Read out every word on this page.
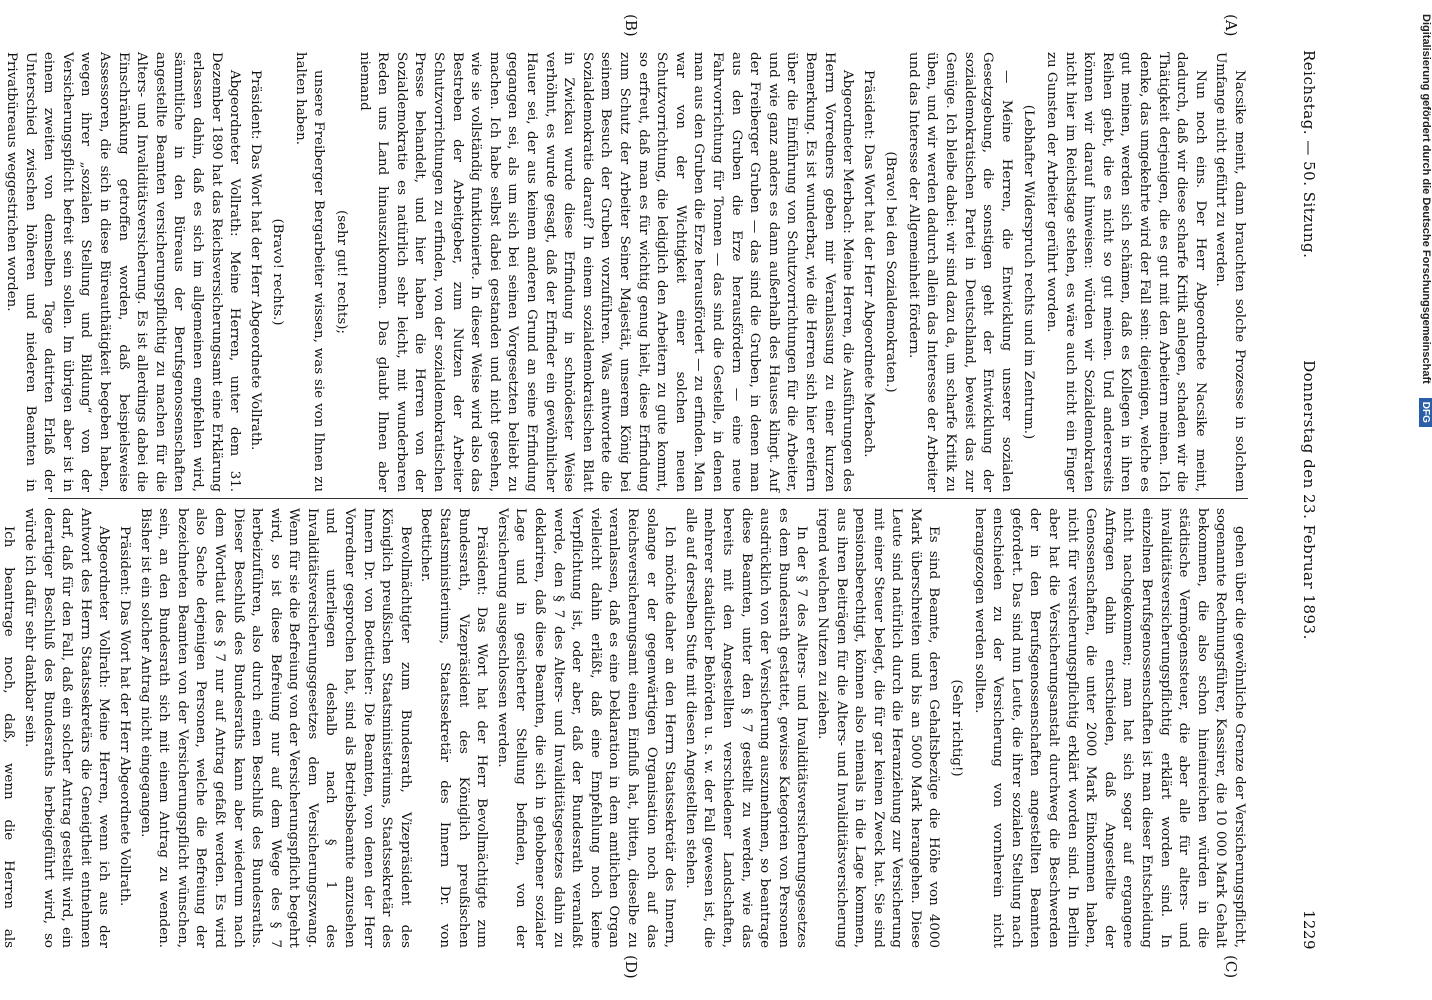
Reichstag. — 50. Sitzung.
Donnerstag den 23. Februar 1893.
1229
(A)
(B)
(C)
(D)

Nacsike meint, dann brauchten solche Prozesse in solchem Umfange nicht geführt zu werden.

Nun noch eins. Der Herr Abgeordnete Nacsike meint, dadurch, daß wir diese scharfe Kritik anlegen, schaden wir die Thätigkeit derjenigen, die es gut mit den Arbeitern meinen. Ich denke, das umgekehrte wird der Fall sein: diejenigen, welche es gut meinen, werden sich schämen, daß es Kollegen in ihren Reihen giebt, die es nicht so gut meinen. Und andererseits können wir darauf hinweisen: würden wir Sozialdemokraten nicht hier im Reichstage stehen, es wäre auch nicht ein Finger zu Gunsten der Arbeiter gerührt worden.

(Lebhafter Widerspruch rechts und im Zentrum.)

— Meine Herren, die Entwicklung unserer sozialen Gesetzgebung, die sonstigen geht der Entwicklung der sozialdemokratischen Partei in Deutschland, beweist das zur Genüge. Ich bleibe dabei: wir sind dazu da, um scharfe Kritik zu üben, und wir werden dadurch allein das Interesse der Arbeiter und das Interesse der Allgemeinheit fördern.

(Bravo! bei den Sozialdemokraten.)

Präsident: Das Wort hat der Herr Abgeordnete Merbach.

Abgeordneter Merbach: Meine Herren, die Ausführungen des Herrn Vorredners geben mir Veranlassung zu einer kurzen Bemerkung. Es ist wunderbar, wie die Herren sich hier ereifern über die Einführung von Schutzvorrichtungen für die Arbeiter, und wie ganz anders es dann außerhalb des Hauses klingt. Auf der Freiberger Gruben — das sind die Gruben, in denen man aus den Gruben die Erze herausfördern — eine neue Fahrvorrichtung für Tonnen — das sind die Gestelle, in denen man aus den Gruben die Erze herausfördert — zu erfinden. Man war von der Wichtigkeit einer solchen neuen Schutzvorrichtung, die lediglich den Arbeitern zu gute kommt, so erfreut, daß man es für wichtig genug hielt, diese Erfindung zum Schutz der Arbeiter Seiner Majestät, unserem König bei seinem Besuch der Gruben vorzuführen. Was antwortete die Sozialdemokratie darauf? In einem sozialdemokratischen Blatt in Zwickau wurde diese Erfindung in schnödester Weise verhöhnt, es wurde gesagt, daß der Erfinder ein gewöhnlicher Hauer sei, der aus keinem anderen Grund an seine Erfindung gegangen sei, als um sich bei seinen Vorgesetzten beliebt zu machen. Ich habe selbst dabei gestanden und nicht gesehen, wie sie vollständig funktionierte. In dieser Weise wird also das Bestreben der Arbeitgeber, zum Nutzen der Arbeiter Schutzvorrichtungen zu erfinden, von der sozialdemokratischen Presse behandelt, und hier haben die Herren von der Sozialdemokratie es natürlich sehr leicht, mit wunderbaren Reden uns Land hinauszukommen. Das glaubt Ihnen aber niemand

(sehr gut! rechts);

unsere Freiberger Bergarbeiter wissen, was sie von Ihnen zu halten haben.

(Bravo! rechts.)

Präsident: Das Wort hat der Herr Abgeordnete Vollrath.

Abgeordneter Vollrath: Meine Herren, unter dem 31. Dezember 1890 hat das Reichsversicherungsamt eine Erklärung erlassen dahin, daß es sich im allgemeinen empfehlen wird, sämmtliche in den Büreaus der Berufsgenossenschaften angestellte Beamten versicherungspflichtig zu machen für die Alters- und Invaliditätsversicherung. Es ist allerdings dabei die Einschränkung getroffen worden, daß beispielsweise Assessoren, die sich in diese Büreauthätigkeit begeben haben, wegen ihrer „sozialen Stellung und Bildung“ von der Versicherungspflicht befreit sein sollen. Im übrigen aber ist in einem zweiten von demselben Tage datirten Erlaß der Unterschied zwischen höheren und niederen Beamten in Privatbüreaus weggestrichen worden.

gehen über die gewöhnliche Grenze der Versicherungspflicht, sogenannte Rechnungsführer, Kassirer, die 10 000 Mark Gehalt bekommen, die also schon hineinreichen würden in die städtische Vermögenssteuer, die aber alle für alters- und invaliditätsversicherungspflichtig erklärt worden sind. In einzelnen Berufsgenossenschaften ist man dieser Entscheidung nicht nachgekommen; man hat sich sogar auf ergangene Anfragen dahin entschieden, daß Angestellte der Genossenschaften, die unter 2000 Mark Einkommen haben, nicht für versicherungspflichtig erklärt worden sind. In Berlin aber hat die Versicherungsanstalt durchweg die Beschwerden der in den Berufsgenossenschaften angestellten Beamten gefordert. Das sind nun Leute, die ihrer sozialen Stellung nach entschieden zu der Versicherung von vornherein nicht herangezogen werden sollten.

(Sehr richtig!)

Es sind Beamte, deren Gehaltsbezüge die Höhe von 4000 Mark überschreiten und bis an 5000 Mark herangehen. Diese Leute sind natürlich durch die Heranziehung zur Versicherung mit einer Steuer belegt, die für gar keinen Zweck hat. Sie sind pensionsberechtigt, können also niemals in die Lage kommen, aus ihren Beiträgen für die Alters- und Invaliditätsversicherung irgend welchen Nutzen zu ziehen.

In der § 7 des Alters- und Invaliditätsversicherungsgesetzes es dem Bundesrath gestattet, gewisse Kategorien von Personen ausdrücklich von der Versicherung auszunehmen, so beantrage diese Beamten, unter den § 7 gestellt zu werden, wie das bereits mit den Angestellten verschiedener Landschaften, mehrerer staatlicher Behörden u. s. w. der Fall gewesen ist, die alle auf derselben Stufe mit diesen Angestellten stehen.

Ich möchte daher an den Herrn Staatssekretär des Innern, solange er der gegenwärtigen Organisation noch auf das Reichsversicherungsamt einen Einfluß hat, bitten, dieselbe zu veranlassen, daß es eine Deklaration in dem amtlichen Organ vielleicht dahin erläßt, daß eine Empfehlung noch keine Verpflichtung ist, oder aber, daß der Bundesrath veranlaßt werde, den § 7 des Alters- und Invaliditätsgesetzes dahin zu deklariren, daß diese Beamten, die sich in gehobener sozialer Lage und in gesicherter Stellung befinden, von der Versicherung ausgeschlossen werden.

Präsident: Das Wort hat der Herr Bevollmächtigte zum Bundesrath, Vizepräsident des Königlich preußischen Staatsministeriums, Staatssekretär des Innern Dr. von Boetticher.

Bevollmächtigter zum Bundesrath, Vizepräsident des Königlich preußischen Staatsministeriums, Staatssekretär des Innern Dr. von Boetticher: Die Beamten, von denen der Herr Vorredner gesprochen hat, sind als Betriebsbeamte anzusehen und unterliegen deshalb nach § 1 des Invaliditätsversicherungsgesetzes dem Versicherungszwang. Wenn für sie die Befreiung von der Versicherungspflicht begehrt wird, so ist diese Befreiung nur auf dem Wege des § 7 herbeizuführen, also durch einen Beschluß des Bundesraths. Dieser Beschluß des Bundesraths kann aber wiederum nach dem Wortlaut des § 7 nur auf Antrag gefaßt werden. Es wird also Sache derjenigen Personen, welche die Befreiung der bezeichneten Beamten von der Versicherungspflicht wünschen, sein, an den Bundesrath sich mit einem Antrag zu wenden. Bisher ist ein solcher Antrag nicht eingegangen.

Präsident: Das Wort hat der Herr Abgeordnete Vollrath.

Abgeordneter Vollrath: Meine Herren, wenn ich aus der Antwort des Herrn Staatssekretärs die Geneigtheit entnehmen darf, daß für den Fall, daß ein solcher Antrag gestellt wird, ein derartiger Beschluß des Bundesraths herbeigeführt wird, so würde ich dafür sehr dankbar sein.

Ich beantrage noch, daß, wenn die Herren als

Digitalisierung gefördert durch die Deutsche ForschungsgemeinschaftDFG
